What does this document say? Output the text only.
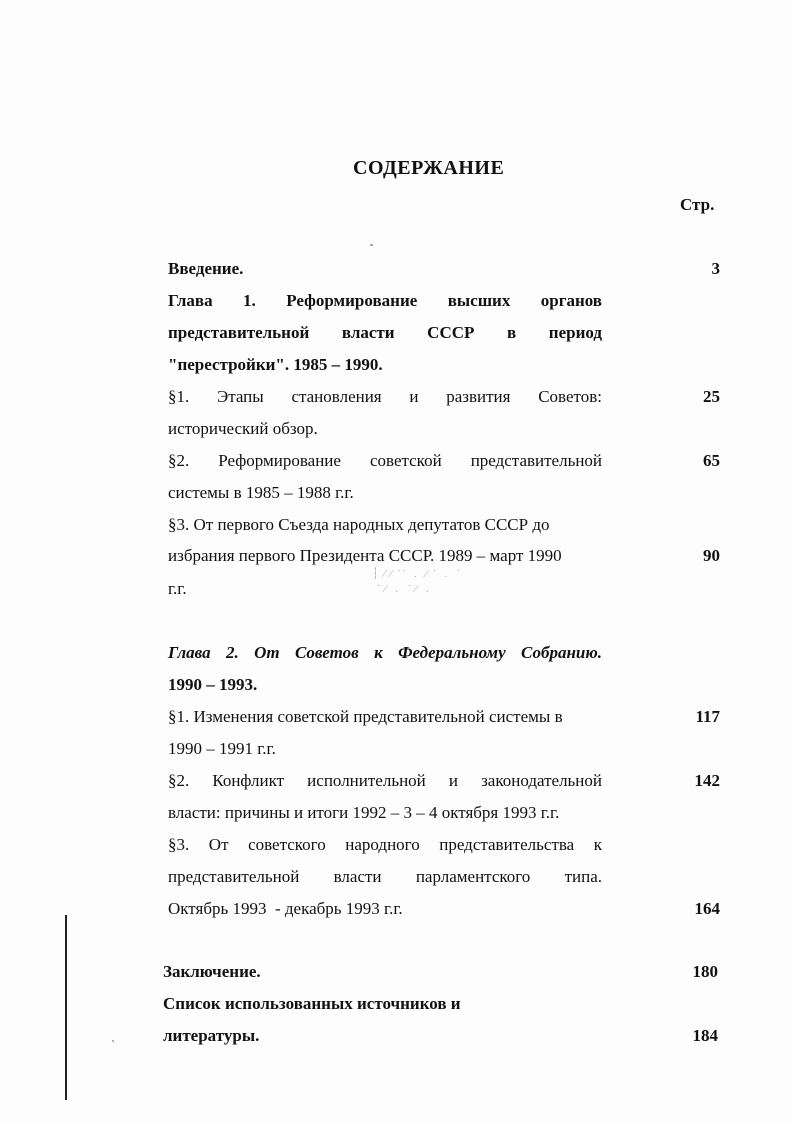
СОДЕРЖАНИЕ
Стр.
Введение.	3
Глава 1. Реформирование высших органов
представительной власти СССР в период
"перестройки". 1985 – 1990.
§1. Этапы становления и развития Советов:	25
исторический обзор.
§2. Реформирование советской представительной	65
системы в 1985 – 1988 г.г.
§3. От первого Съезда народных депутатов СССР до
избрания первого Президента СССР. 1989 – март 1990	90
г.г.
┆ ⁄ ⁄ ˙˙ ﹒ ⁄ ˙ ﹒ ˙
˙ ⁄ ﹒ ˙ ⁄ ﹒
Глава 2. От Советов к Федеральному Собранию.
1990 – 1993.
§1. Изменения советской представительной системы в	117
1990 – 1991 г.г.
§2. Конфликт исполнительной и законодательной	142
власти: причины и итоги 1992 – 3 – 4 октября 1993 г.г.
§3. От советского народного представительства к
представительной власти парламентского типа.
Октябрь 1993  - декабрь 1993 г.г.	164
Заключение.	180
Список использованных источников и
литературы.	184
